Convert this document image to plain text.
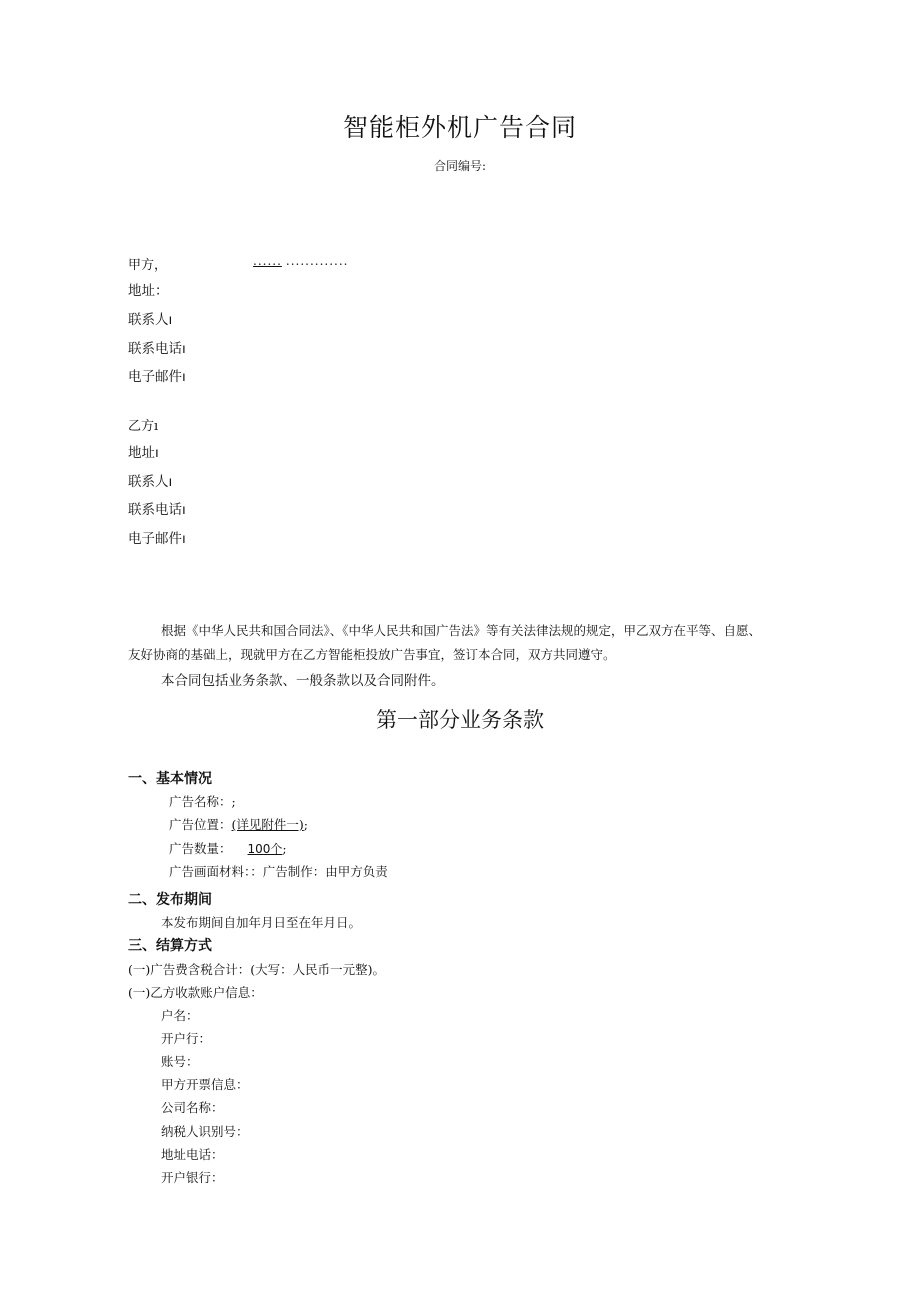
智能柜外机广告合同
合同编号:
甲方，	...... .............
地址：
联系人ı
联系电话ı
电子邮件ı
乙方ı
地址ı
联系人ı
联系电话ı
电子邮件ı
根据《中华人民共和国合同法》、《中华人民共和国广告法》等有关法律法规的规定，甲乙双方在平等、自愿、
友好协商的基础上，现就甲方在乙方智能柜投放广告事宜，签订本合同，双方共同遵守。
本合同包括业务条款、一般条款以及合同附件。
第一部分业务条款
一、基本情况
广告名称：;
广告位置：(详见附件一);
广告数量： 100个;
广告画面材料：：广告制作：由甲方负责
二、发布期间
本发布期间自加年月日至在年月日。
三、结算方式
(一)广告费含税合计：(大写：人民币一元整)。
(一)乙方收款账户信息：
户名：
开户行：
账号：
甲方开票信息：
公司名称：
纳税人识别号：
地址电话：
开户银行：
